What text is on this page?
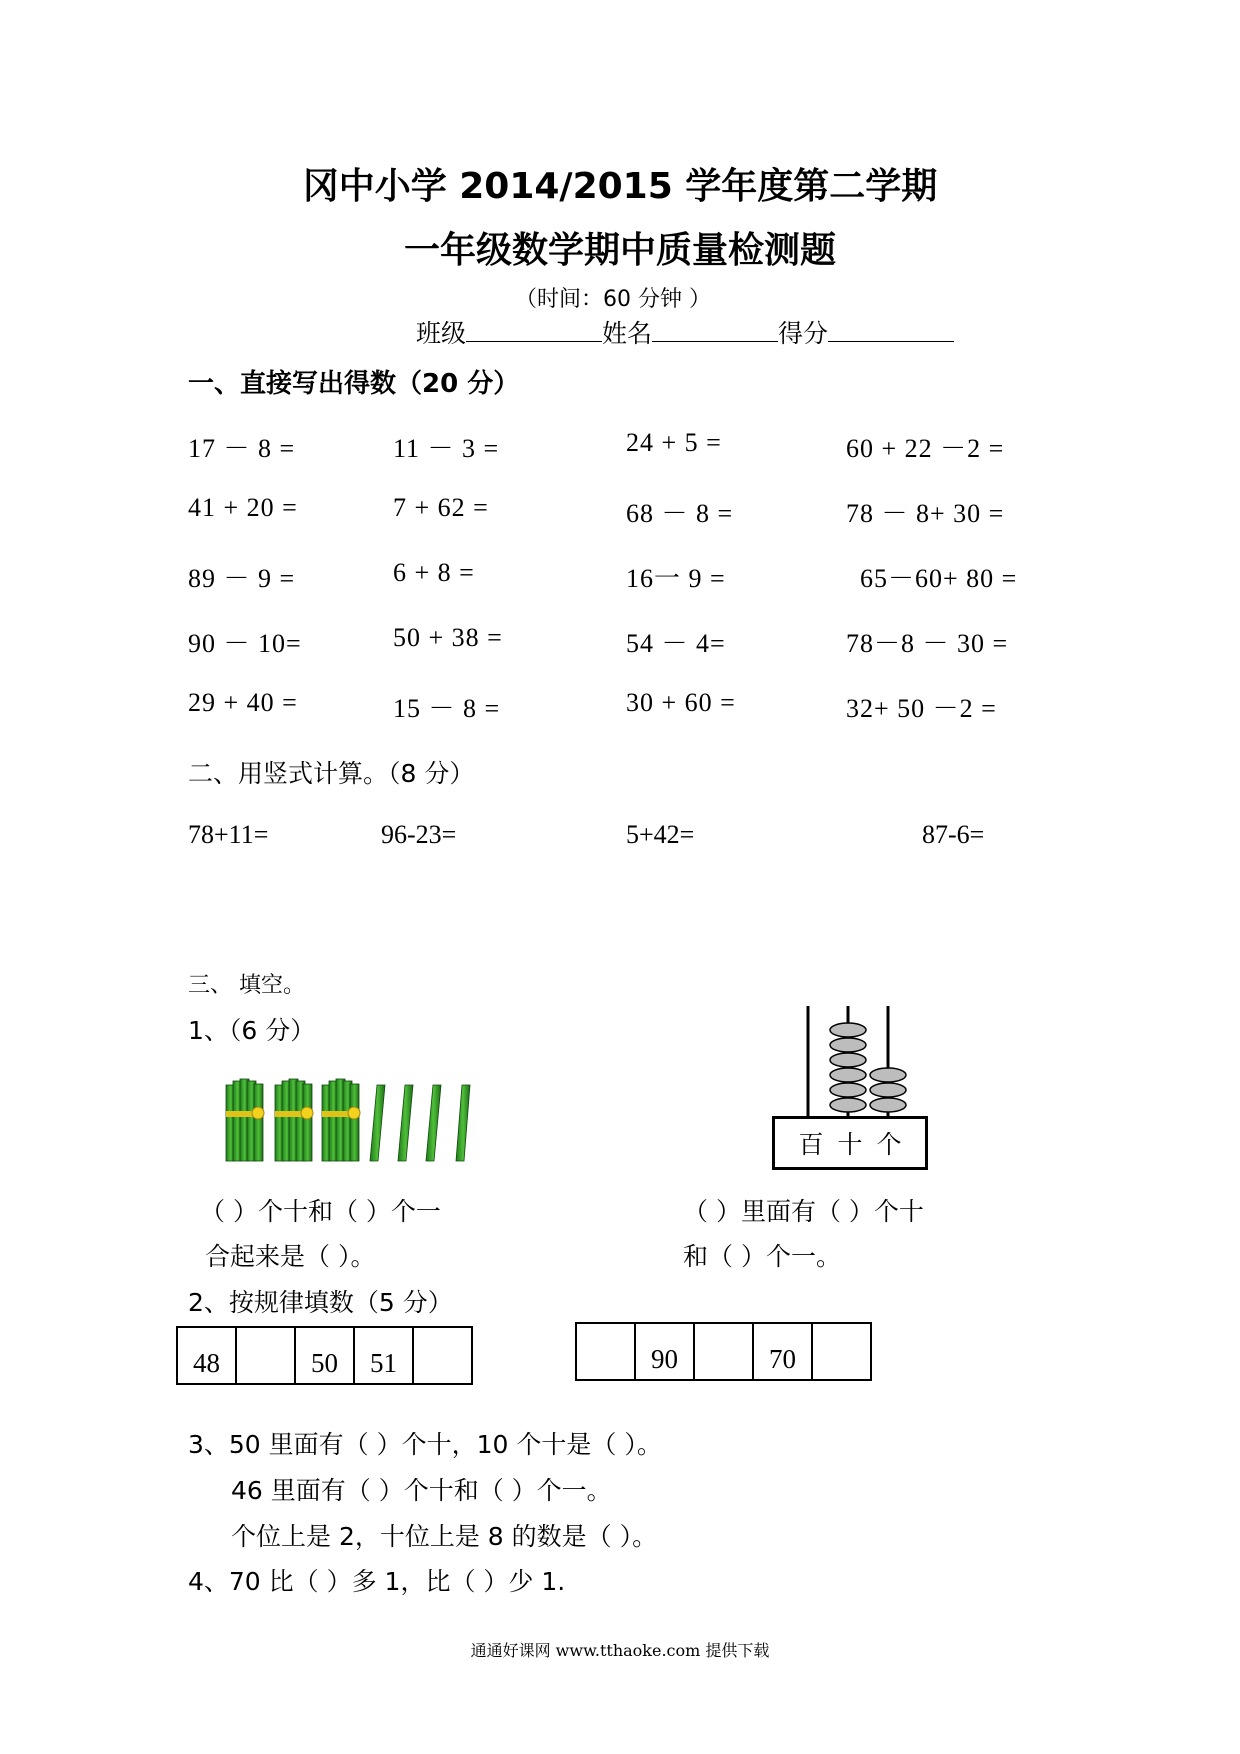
冈中小学 2014/2015 学年度第二学期
一年级数学期中质量检测题
（时间：60 分钟 ）
班级	姓名	得分
一、直接写出得数（20 分）
17 － 8 =	11 － 3 =	24 + 5 =	60 + 22 －2 =
41 + 20 =	7 + 62 =	68 － 8 =	78 － 8+ 30 =
89 － 9 =	6 + 8 =	16一 9 =	65－60+ 80 =
90 － 10=	50 + 38 =	54 － 4=	78－8 － 30 =
29 + 40 =	15 － 8 =	30 + 60 =	32+ 50 －2 =
二、用竖式计算。（8 分）
78+11=	96-23=	5+42=	87-6=
三、 填空。
1、（6 分）
百 十 个
（ ）个十和（ ）个一
合起来是（ ）。
（ ）里面有（ ）个十
和（ ）个一。
2、按规律填数（5 分）
48		50	51	
		90		70	
3、50 里面有（ ）个十，10 个十是（ ）。
46 里面有（ ）个十和（ ）个一。
个位上是 2，十位上是 8 的数是（ ）。
4、70 比（ ）多 1，比（ ）少 1.
通通好课网 www.tthaoke.com 提供下载
